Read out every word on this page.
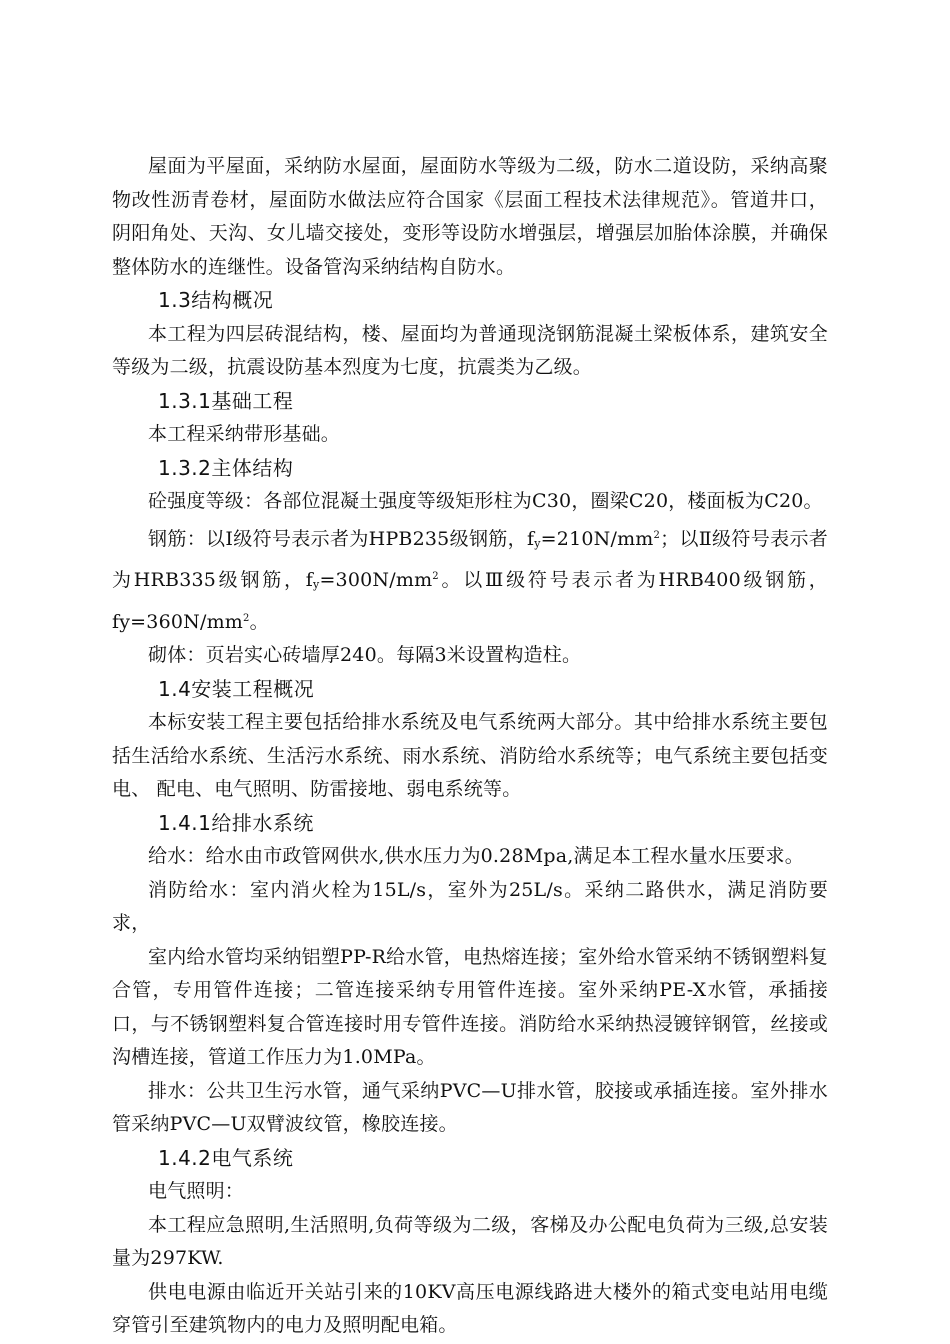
屋面为平屋面，采纳防水屋面，屋面防水等级为二级，防水二道设防，采纳高聚物改性沥青卷材，屋面防水做法应符合国家《层面工程技术法律规范》。管道井口，阴阳角处、天沟、女儿墙交接处，变形等设防水增强层，增强层加胎体涂膜，并确保整体防水的连继性。设备管沟采纳结构自防水。

1.3结构概况

本工程为四层砖混结构，楼、屋面均为普通现浇钢筋混凝土梁板体系，建筑安全等级为二级，抗震设防基本烈度为七度，抗震类为乙级。

1.3.1基础工程

本工程采纳带形基础。

1.3.2主体结构

砼强度等级：各部位混凝土强度等级矩形柱为C30，圈梁C20，楼面板为C20。

钢筋：以Ⅰ级符号表示者为HPB235级钢筋，$fy=210N/mm^2$；以Ⅱ级符号表示者为HRB335级钢筋，$fy=300N/mm^2$。以Ⅲ级符号表示者为HRB400级钢筋，$fy=360N/mm^2$。

砌体：页岩实心砖墙厚240。每隔3米设置构造柱。

1.4安装工程概况

本标安装工程主要包括给排水系统及电气系统两大部分。其中给排水系统主要包括生活给水系统、生活污水系统、雨水系统、消防给水系统等；电气系统主要包括变电、 配电、电气照明、防雷接地、弱电系统等。

1.4.1给排水系统

给水：给水由市政管网供水,供水压力为0.28Mpa,满足本工程水量水压要求。

消防给水：室内消火栓为15L/s，室外为25L/s。采纳二路供水，满足消防要求，

室内给水管均采纳铝塑PP-R给水管，电热熔连接；室外给水管采纳不锈钢塑料复合管，专用管件连接；二管连接采纳专用管件连接。室外采纳PE-X水管，承插接口，与不锈钢塑料复合管连接时用专管件连接。消防给水采纳热浸镀锌钢管，丝接或沟槽连接，管道工作压力为1.0MPa。

排水：公共卫生污水管，通气采纳PVC—U排水管，胶接或承插连接。室外排水管采纳PVC—U双臂波纹管，橡胶连接。

1.4.2电气系统

电气照明：

本工程应急照明,生活照明,负荷等级为二级，客梯及办公配电负荷为三级,总安装量为297KW.

供电电源由临近开关站引来的10KV高压电源线路进大楼外的箱式变电站用电缆穿管引至建筑物内的电力及照明配电箱。
